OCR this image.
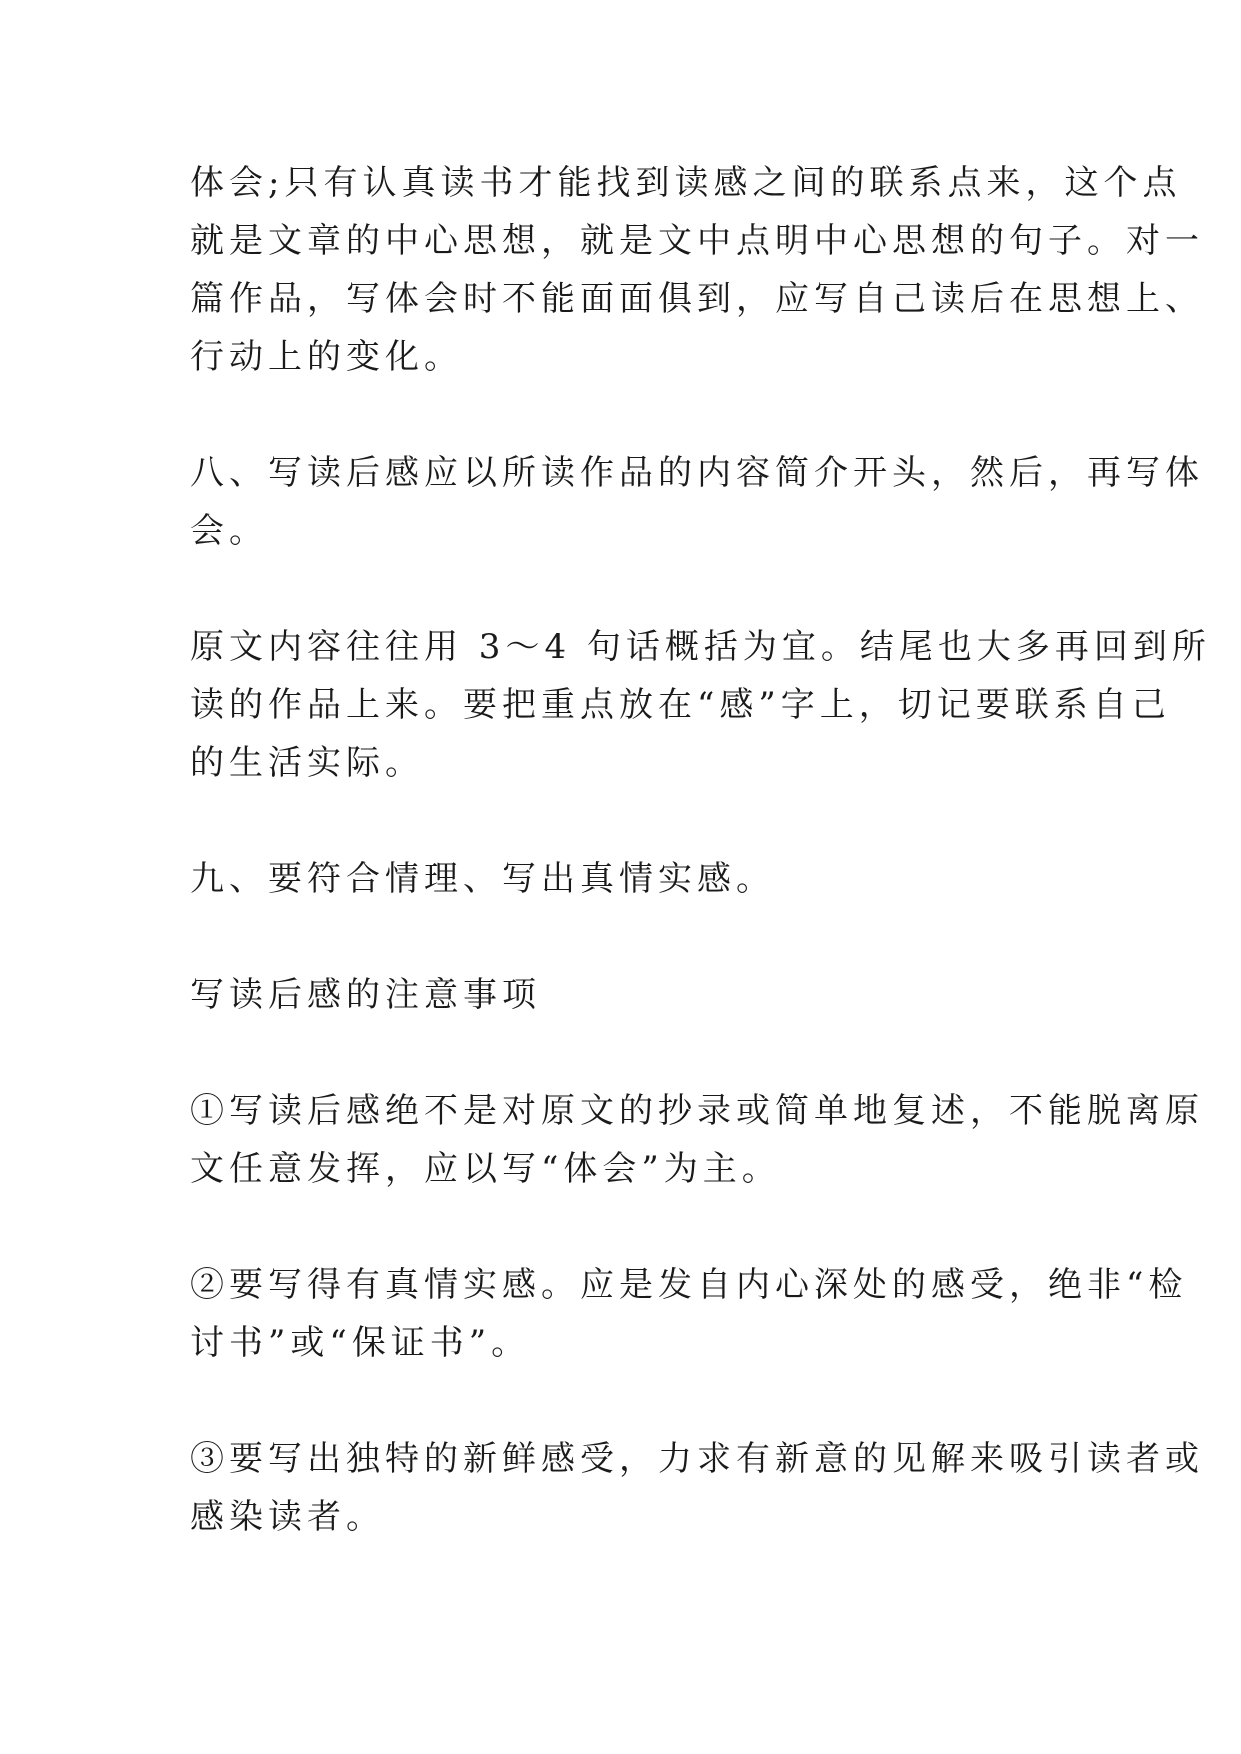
体会;只有认真读书才能找到读感之间的联系点来，这个点
就是文章的中心思想，就是文中点明中心思想的句子。对一
篇作品，写体会时不能面面俱到，应写自己读后在思想上、
行动上的变化。

八、写读后感应以所读作品的内容简介开头，然后，再写体
会。

原文内容往往用 3～4 句话概括为宜。结尾也大多再回到所
读的作品上来。要把重点放在“感”字上，切记要联系自己
的生活实际。

九、要符合情理、写出真情实感。

写读后感的注意事项

①写读后感绝不是对原文的抄录或简单地复述，不能脱离原
文任意发挥，应以写“体会”为主。

②要写得有真情实感。应是发自内心深处的感受，绝非“检
讨书”或“保证书”。

③要写出独特的新鲜感受，力求有新意的见解来吸引读者或
感染读者。
